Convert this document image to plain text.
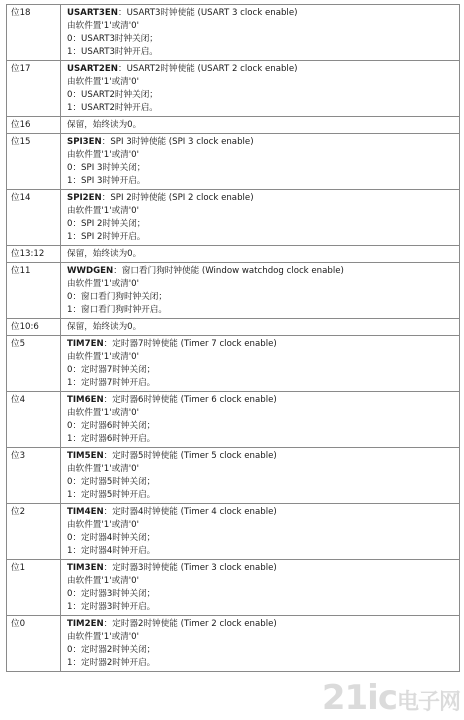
位18	USART3EN：USART3时钟使能 (USART 3 clock enable)
由软件置'1'或清'0'
0：USART3时钟关闭；
1：USART3时钟开启。

位17	USART2EN：USART2时钟使能 (USART 2 clock enable)
由软件置'1'或清'0'
0：USART2时钟关闭；
1：USART2时钟开启。

位16	保留，始终读为0。

位15	SPI3EN：SPI 3时钟使能 (SPI 3 clock enable)
由软件置'1'或清'0'
0：SPI 3时钟关闭；
1：SPI 3时钟开启。

位14	SPI2EN：SPI 2时钟使能 (SPI 2 clock enable)
由软件置'1'或清'0'
0：SPI 2时钟关闭；
1：SPI 2时钟开启。

位13:12	保留，始终读为0。

位11	WWDGEN：窗口看门狗时钟使能 (Window watchdog clock enable)
由软件置'1'或清'0'
0：窗口看门狗时钟关闭；
1：窗口看门狗时钟开启。

位10:6	保留，始终读为0。

位5	TIM7EN：定时器7时钟使能 (Timer 7 clock enable)
由软件置'1'或清'0'
0：定时器7时钟关闭；
1：定时器7时钟开启。

位4	TIM6EN：定时器6时钟使能 (Timer 6 clock enable)
由软件置'1'或清'0'
0：定时器6时钟关闭；
1：定时器6时钟开启。

位3	TIM5EN：定时器5时钟使能 (Timer 5 clock enable)
由软件置'1'或清'0'
0：定时器5时钟关闭；
1：定时器5时钟开启。

位2	TIM4EN：定时器4时钟使能 (Timer 4 clock enable)
由软件置'1'或清'0'
0：定时器4时钟关闭；
1：定时器4时钟开启。

位1	TIM3EN：定时器3时钟使能 (Timer 3 clock enable)
由软件置'1'或清'0'
0：定时器3时钟关闭；
1：定时器3时钟开启。

位0	TIM2EN：定时器2时钟使能 (Timer 2 clock enable)
由软件置'1'或清'0'
0：定时器2时钟关闭；
1：定时器2时钟开启。
21ic电子网
